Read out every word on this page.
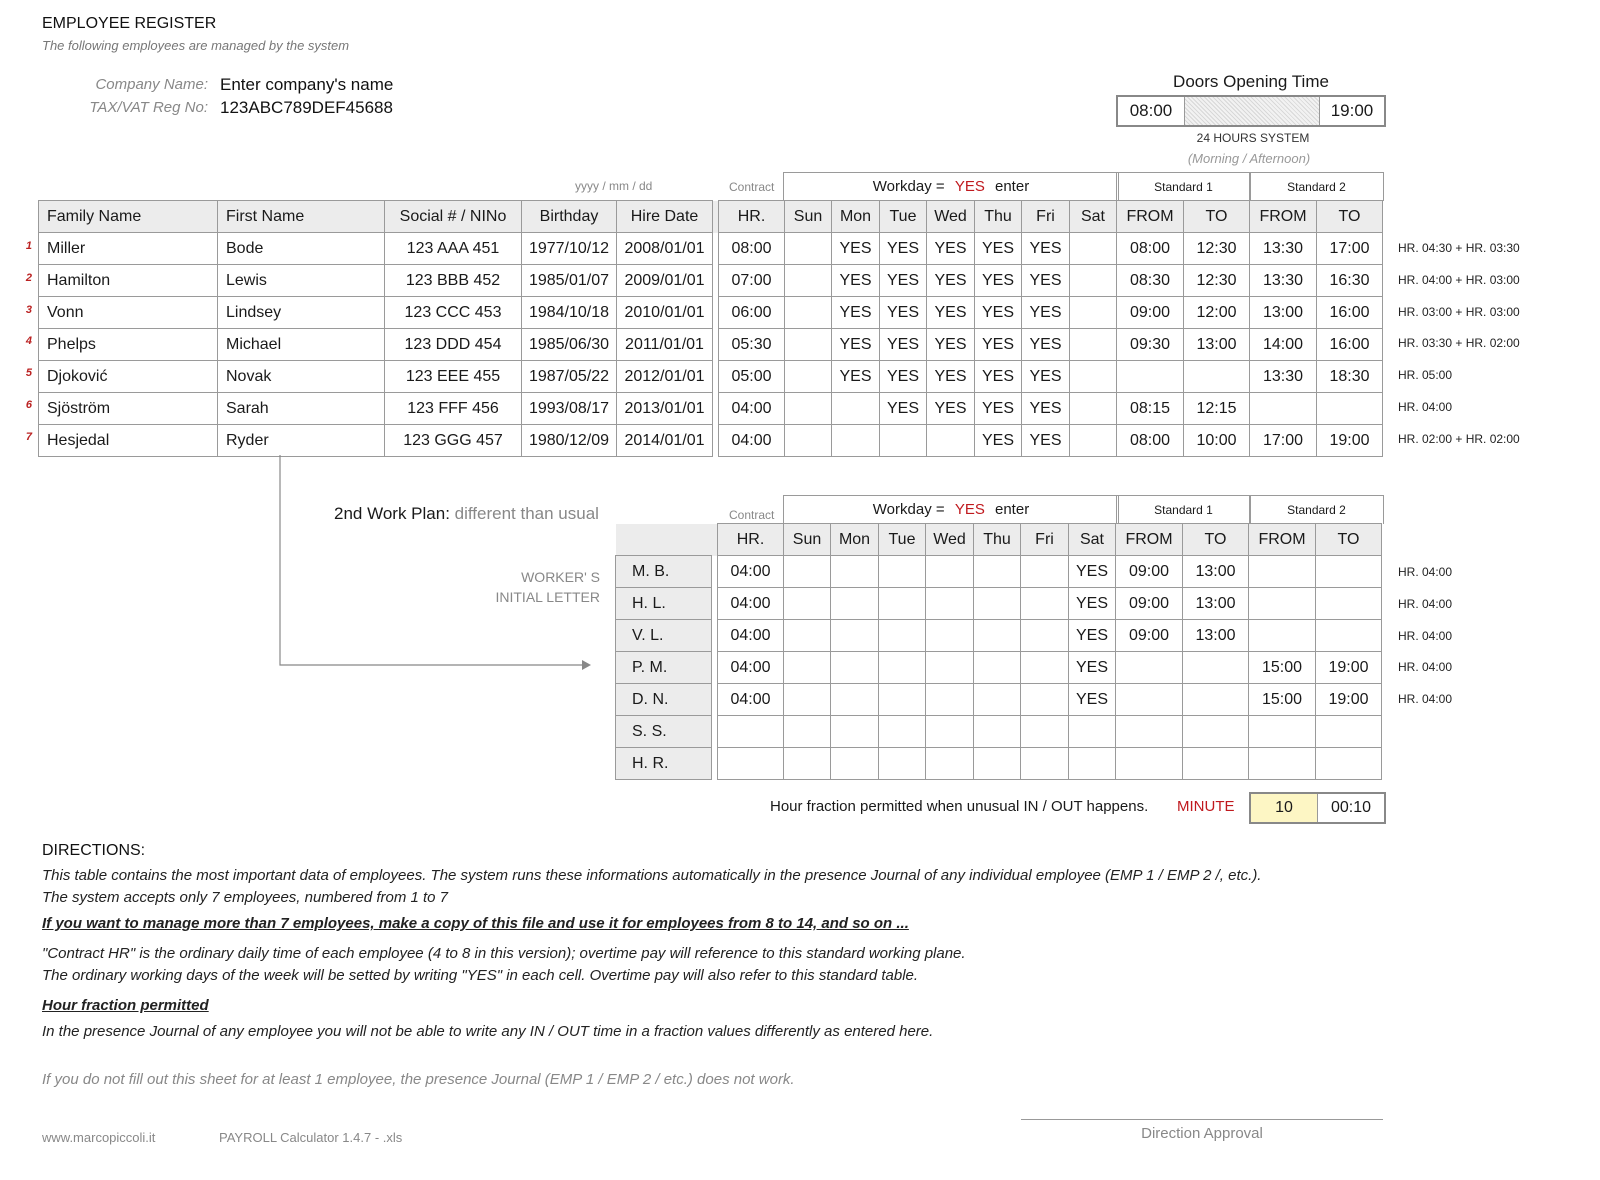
EMPLOYEE REGISTER
The following employees are managed by the system
Company Name: Enter company's name
TAX/VAT Reg No: 123ABC789DEF45688
Doors Opening Time
08:00	19:00
24 HOURS SYSTEM
(Morning / Afternoon)
yyyy / mm / dd	Contract	Workday = YES enter	Standard 1	Standard 2
1
2
3
4
5
6
7
Family Name	First Name	Social # / NINo	Birthday	Hire Date		HR.	Sun	Mon	Tue	Wed	Thu	Fri	Sat	FROM	TO	FROM	TO
Miller	Bode	123 AAA 451	1977/10/12	2008/01/01		08:00		YES	YES	YES	YES	YES		08:00	12:30	13:30	17:00
Hamilton	Lewis	123 BBB 452	1985/01/07	2009/01/01		07:00		YES	YES	YES	YES	YES		08:30	12:30	13:30	16:30
Vonn	Lindsey	123 CCC 453	1984/10/18	2010/01/01		06:00		YES	YES	YES	YES	YES		09:00	12:00	13:00	16:00
Phelps	Michael	123 DDD 454	1985/06/30	2011/01/01		05:30		YES	YES	YES	YES	YES		09:30	13:00	14:00	16:00
Djoković	Novak	123 EEE 455	1987/05/22	2012/01/01		05:00		YES	YES	YES	YES	YES				13:30	18:30
Sjöström	Sarah	123 FFF 456	1993/08/17	2013/01/01		04:00			YES	YES	YES	YES		08:15	12:15		
Hesjedal	Ryder	123 GGG 457	1980/12/09	2014/01/01		04:00					YES	YES		08:00	10:00	17:00	19:00
HR. 04:30 + HR. 03:30
HR. 04:00 + HR. 03:00
HR. 03:00 + HR. 03:00
HR. 03:30 + HR. 02:00
HR. 05:00
HR. 04:00
HR. 02:00 + HR. 02:00
2nd Work Plan: different than usual
WORKER' S
INITIAL LETTER
Contract	Workday = YES enter	Standard 1	Standard 2
		HR.	Sun	Mon	Tue	Wed	Thu	Fri	Sat	FROM	TO	FROM	TO
M. B.		04:00							YES	09:00	13:00		
H. L.		04:00							YES	09:00	13:00		
V. L.		04:00							YES	09:00	13:00		
P. M.		04:00							YES			15:00	19:00
D. N.		04:00							YES			15:00	19:00
S. S.													
H. R.													
HR. 04:00
HR. 04:00
HR. 04:00
HR. 04:00
HR. 04:00
Hour fraction permitted when unusual IN / OUT happens. MINUTE	10	00:10
DIRECTIONS:
This table contains the most important data of employees. The system runs these informations automatically in the presence Journal of any individual employee (EMP 1 / EMP 2 /, etc.).
The system accepts only 7 employees, numbered from 1 to 7
If you want to manage more than 7 employees, make a copy of this file and use it for employees from 8 to 14, and so on ...
"Contract HR" is the ordinary daily time of each employee (4 to 8 in this version); overtime pay will reference to this standard working plane.
The ordinary working days of the week will be setted by writing "YES" in each cell. Overtime pay will also refer to this standard table.
Hour fraction permitted
In the presence Journal of any employee you will not be able to write any IN / OUT time in a fraction values differently as entered here.
If you do not fill out this sheet for at least 1 employee, the presence Journal (EMP 1 / EMP 2 / etc.) does not work.
www.marcopiccoli.it	PAYROLL Calculator 1.4.7 - .xls	Direction Approval
